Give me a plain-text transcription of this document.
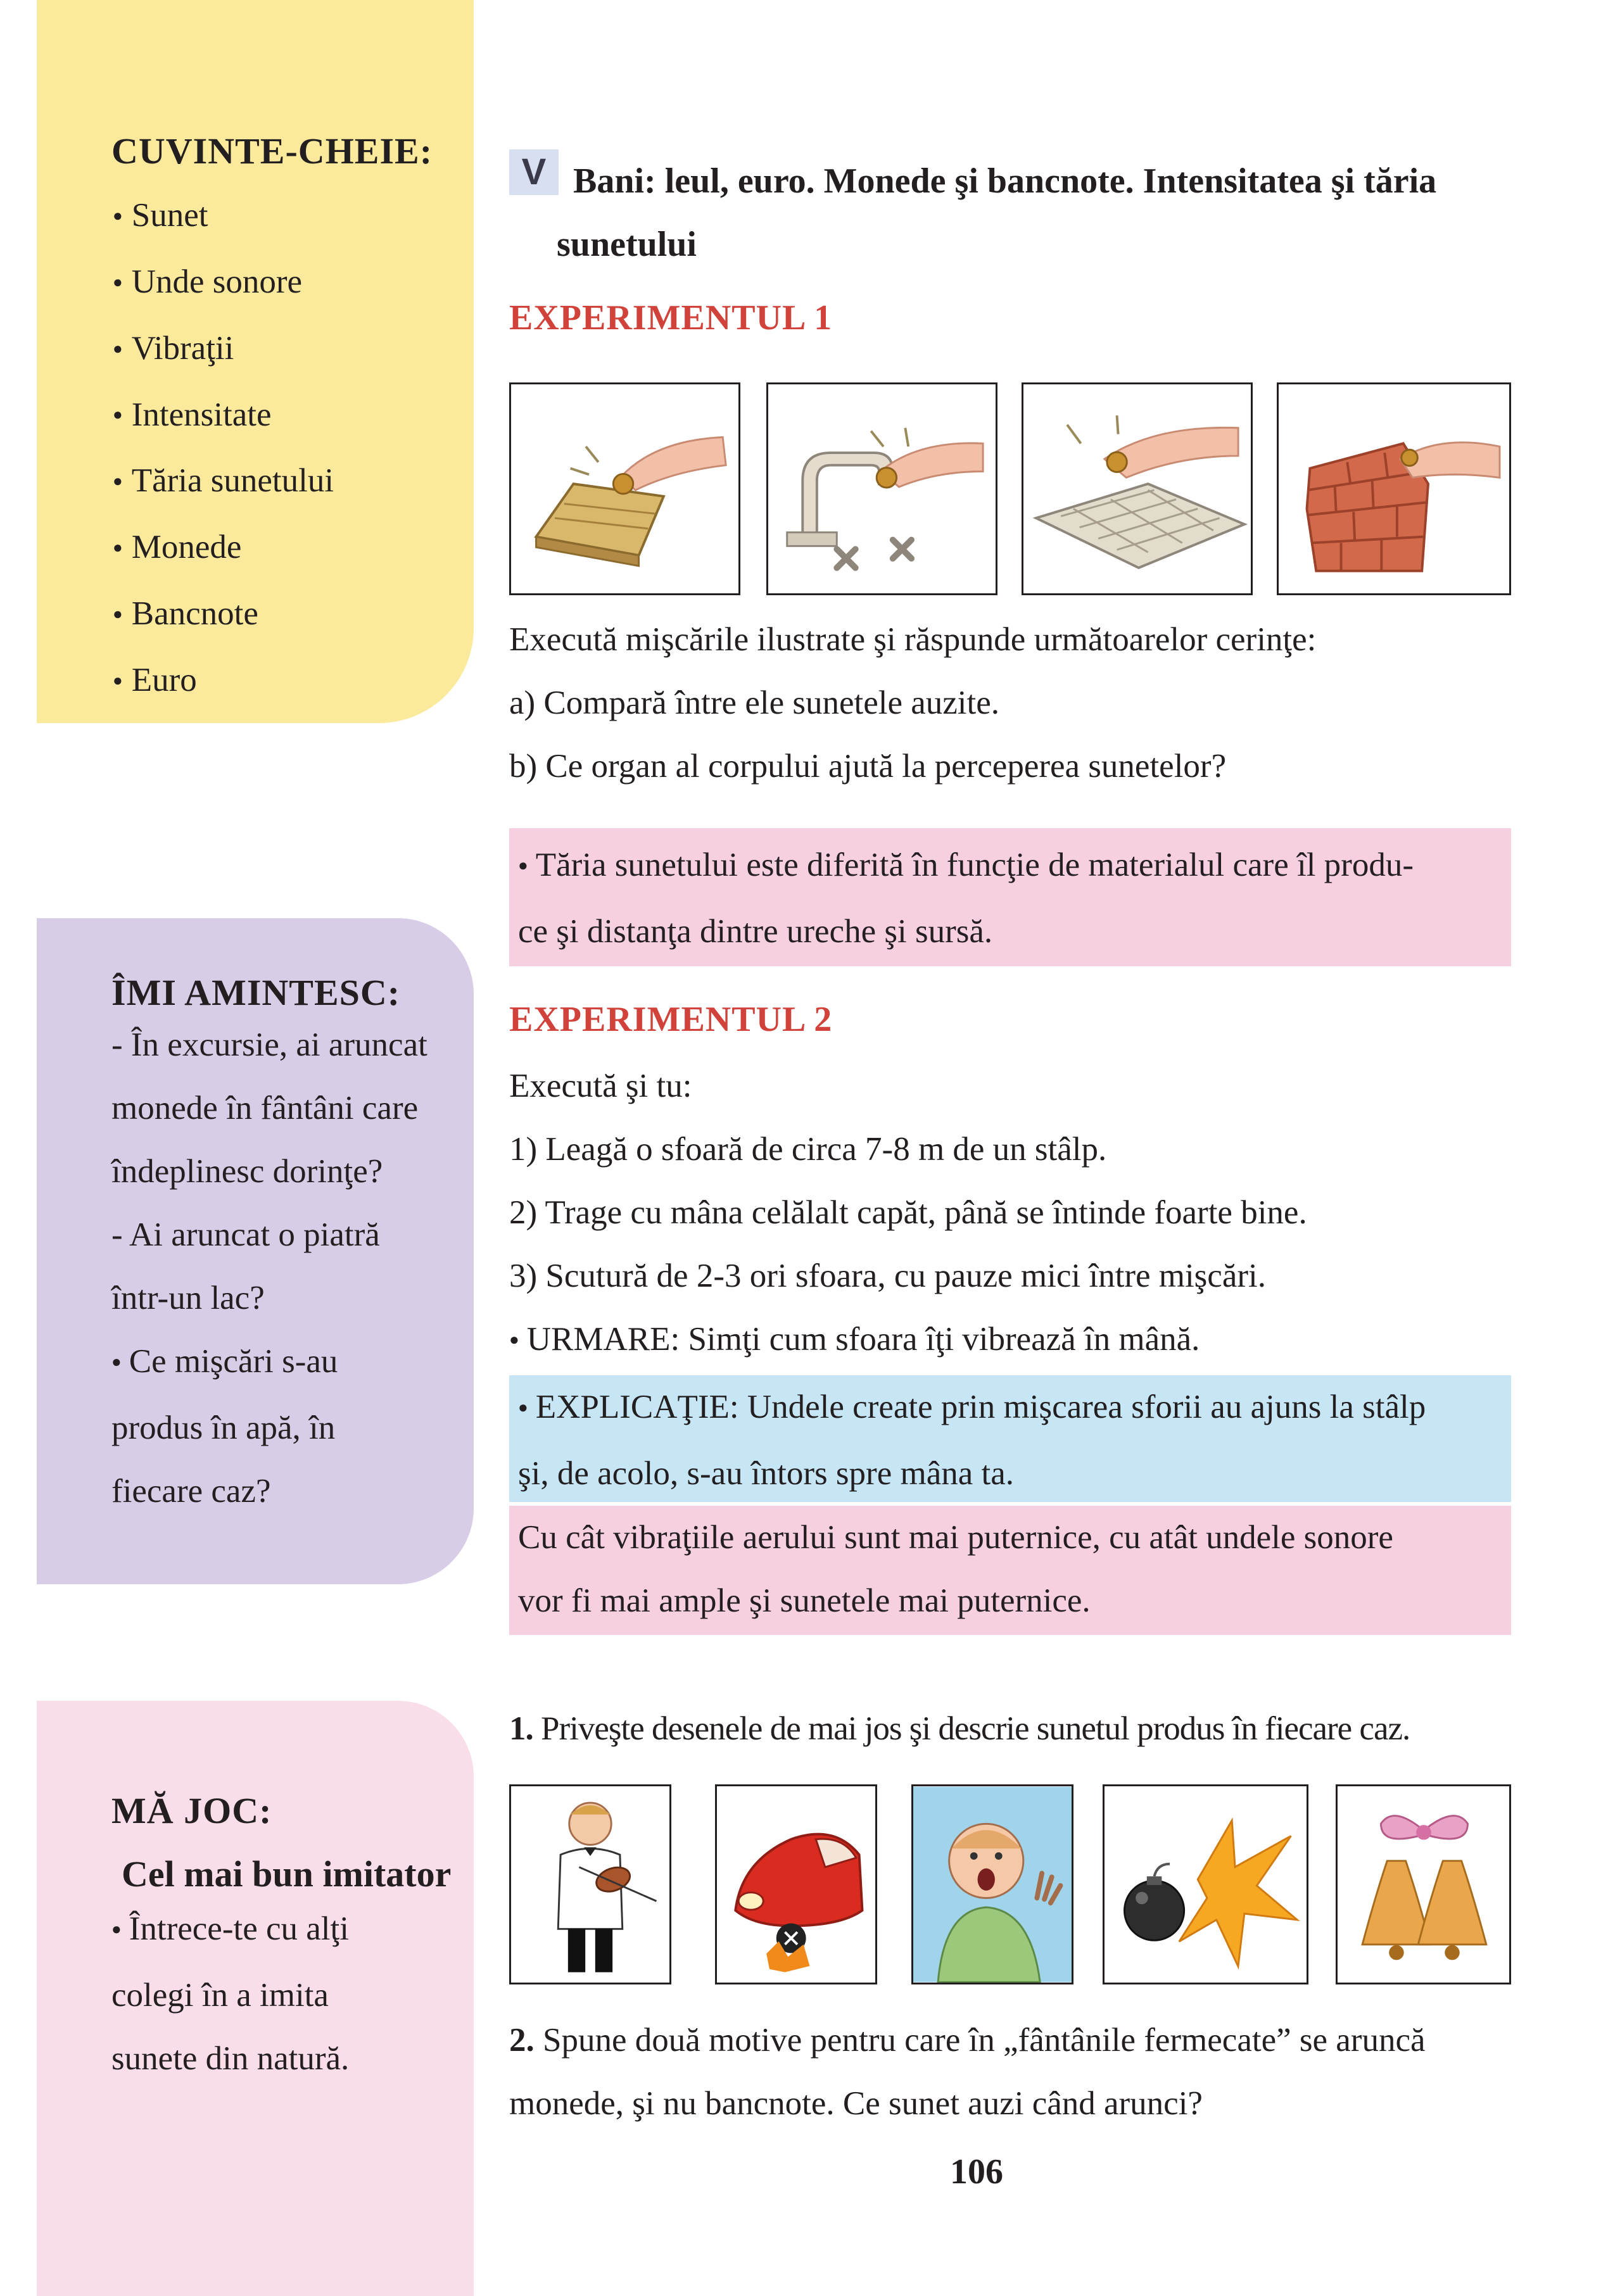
CUVINTE-CHEIE:
● Sunet
● Unde sonore
● Vibraţii
● Intensitate
● Tăria sunetului
● Monede
● Bancnote
● Euro
ÎMI AMINTESC:
- În excursie, ai aruncat
monede în fântâni care
îndeplinesc dorinţe?
- Ai aruncat o piatră
într-un lac?
● Ce mişcări s-au
produs în apă, în
fiecare caz?
MĂ JOC:
Cel mai bun imitator
● Întrece-te cu alţi
colegi în a imita
sunete din natură.
V Bani: leul, euro. Monede şi bancnote. Intensitatea şi tăria
sunetului
EXPERIMENTUL 1
Execută mişcările ilustrate şi răspunde următoarelor cerinţe:
a) Compară între ele sunetele auzite.
b) Ce organ al corpului ajută la perceperea sunetelor?
● Tăria sunetului este diferită în funcţie de materialul care îl produ-
ce şi distanţa dintre ureche şi sursă.
EXPERIMENTUL 2
Execută şi tu:
1) Leagă o sfoară de circa 7-8 m de un stâlp.
2) Trage cu mâna celălalt capăt, până se întinde foarte bine.
3) Scutură de 2-3 ori sfoara, cu pauze mici între mişcări.
● URMARE: Simţi cum sfoara îţi vibrează în mână.
● EXPLICAŢIE: Undele create prin mişcarea sforii au ajuns la stâlp
şi, de acolo, s-au întors spre mâna ta.
Cu cât vibraţiile aerului sunt mai puternice, cu atât undele sonore
vor fi mai ample şi sunetele mai puternice.
1. Priveşte desenele de mai jos şi descrie sunetul produs în fiecare caz.
2. Spune două motive pentru care în „fântânile fermecate” se aruncă
monede, şi nu bancnote. Ce sunet auzi când arunci?
106
